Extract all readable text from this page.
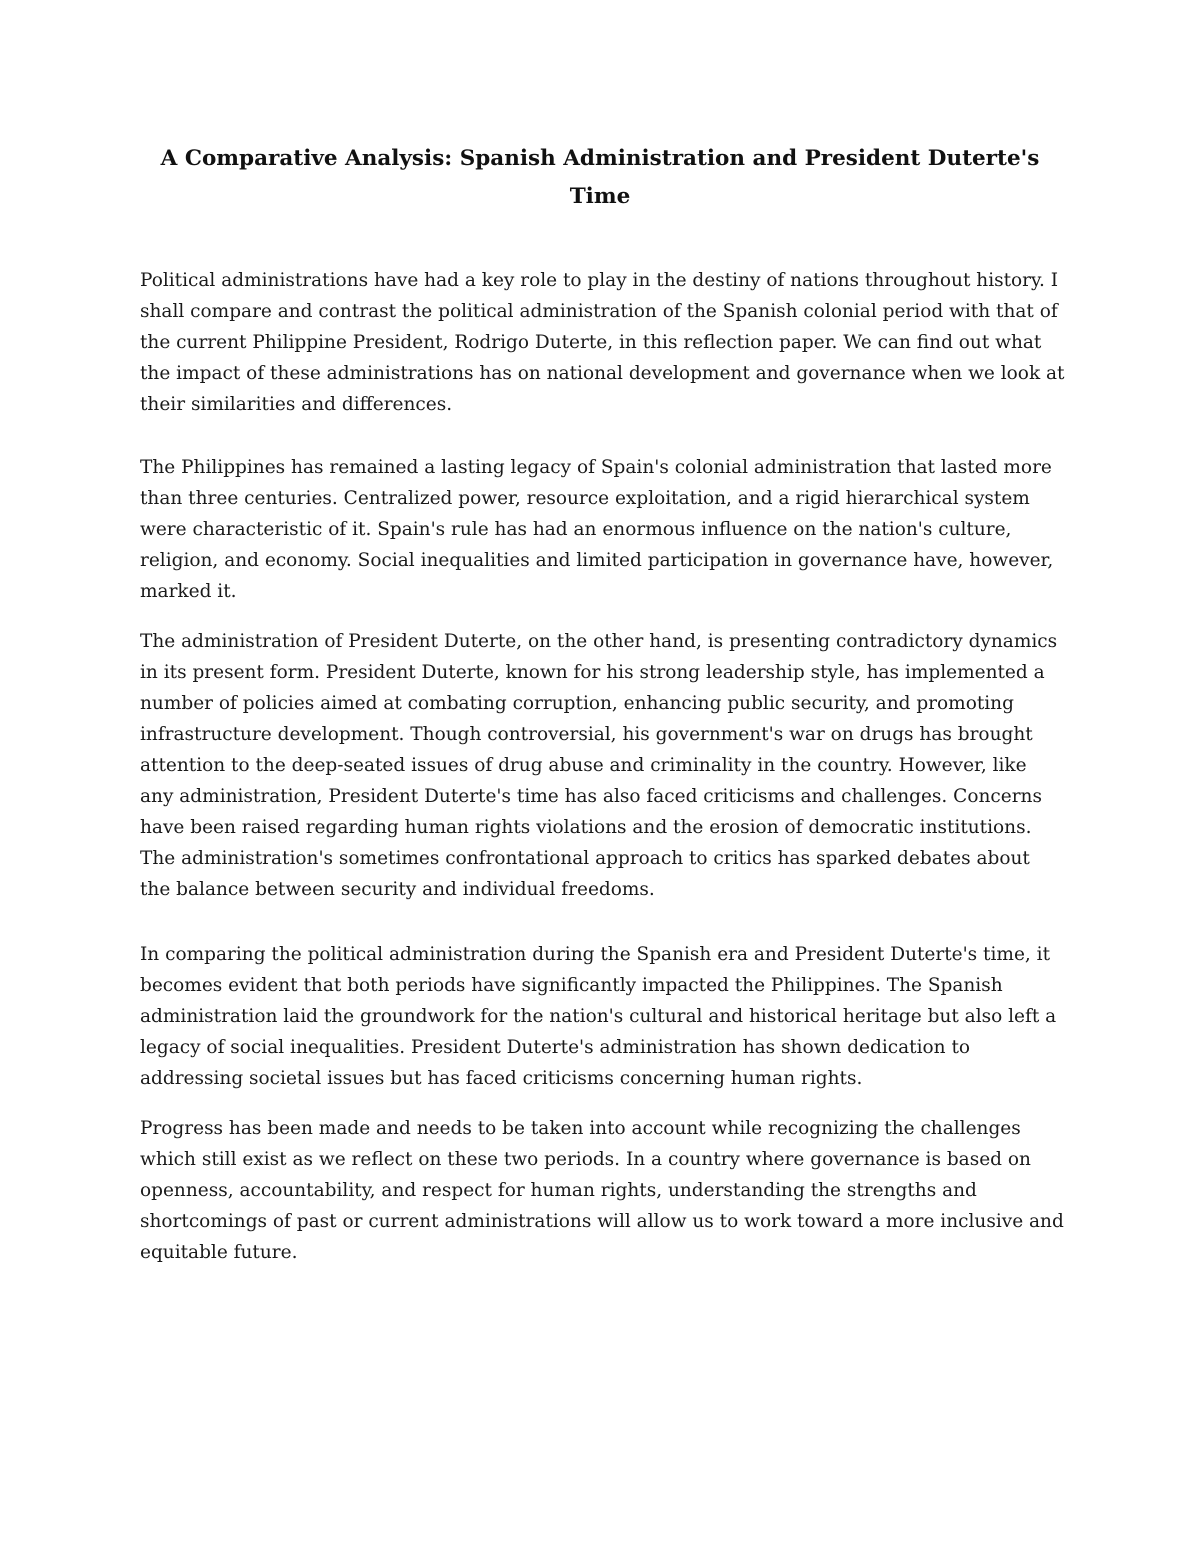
A Comparative Analysis: Spanish Administration and President Duterte's Time

Political administrations have had a key role to play in the destiny of nations throughout history. I shall compare and contrast the political administration of the Spanish colonial period with that of the current Philippine President, Rodrigo Duterte, in this reflection paper. We can find out what the impact of these administrations has on national development and governance when we look at their similarities and differences.

The Philippines has remained a lasting legacy of Spain's colonial administration that lasted more than three centuries. Centralized power, resource exploitation, and a rigid hierarchical system were characteristic of it. Spain's rule has had an enormous influence on the nation's culture, religion, and economy. Social inequalities and limited participation in governance have, however, marked it.

The administration of President Duterte, on the other hand, is presenting contradictory dynamics in its present form. President Duterte, known for his strong leadership style, has implemented a number of policies aimed at combating corruption, enhancing public security, and promoting infrastructure development. Though controversial, his government's war on drugs has brought attention to the deep-seated issues of drug abuse and criminality in the country. However, like any administration, President Duterte's time has also faced criticisms and challenges. Concerns have been raised regarding human rights violations and the erosion of democratic institutions. The administration's sometimes confrontational approach to critics has sparked debates about the balance between security and individual freedoms.

In comparing the political administration during the Spanish era and President Duterte's time, it becomes evident that both periods have significantly impacted the Philippines. The Spanish administration laid the groundwork for the nation's cultural and historical heritage but also left a legacy of social inequalities. President Duterte's administration has shown dedication to addressing societal issues but has faced criticisms concerning human rights.

Progress has been made and needs to be taken into account while recognizing the challenges which still exist as we reflect on these two periods. In a country where governance is based on openness, accountability, and respect for human rights, understanding the strengths and shortcomings of past or current administrations will allow us to work toward a more inclusive and equitable future.
